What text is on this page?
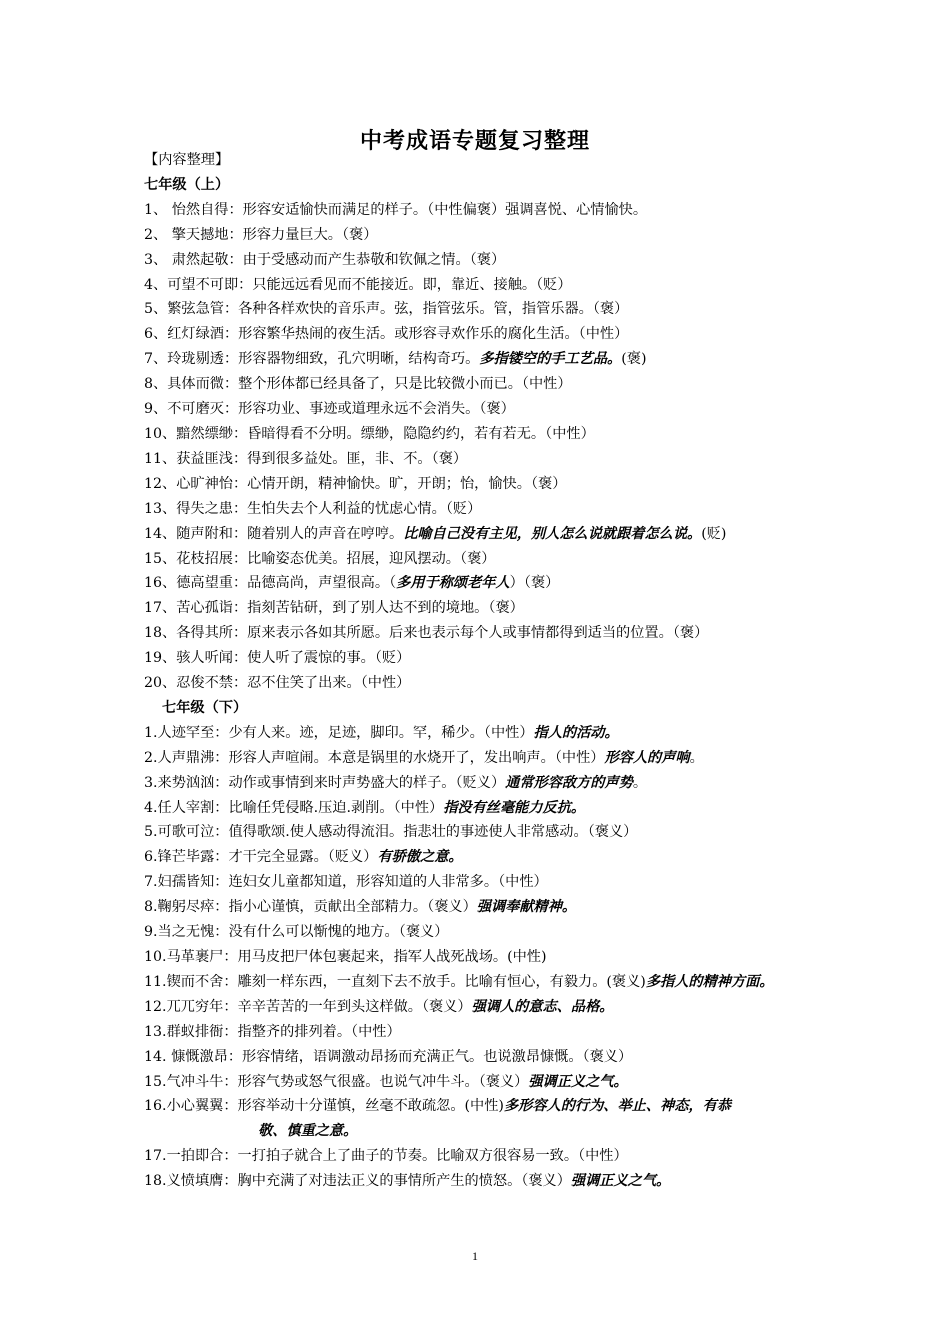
中考成语专题复习整理
【内容整理】
七年级（上）
1、 怡然自得：形容安适愉快而满足的样子。（中性偏褒）强调喜悦、心情愉快。
2、 擎天撼地：形容力量巨大。（褒）
3、 肃然起敬：由于受感动而产生恭敬和钦佩之情。（褒）
4、可望不可即：只能远远看见而不能接近。即，靠近、接触。（贬）
5、繁弦急管：各种各样欢快的音乐声。弦，指管弦乐。管，指管乐器。（褒）
6、红灯绿酒：形容繁华热闹的夜生活。或形容寻欢作乐的腐化生活。（中性）
7、玲珑剔透：形容器物细致，孔穴明晰，结构奇巧。多指镂空的手工艺品。(褒)
8、具体而微：整个形体都已经具备了，只是比较微小而已。（中性）
9、不可磨灭：形容功业、事迹或道理永远不会消失。（褒）
10、黯然缥缈：昏暗得看不分明。缥缈，隐隐约约，若有若无。（中性）
11、获益匪浅：得到很多益处。匪，非、不。（褒）
12、心旷神怡：心情开朗，精神愉快。旷，开朗；怡，愉快。（褒）
13、得失之患：生怕失去个人利益的忧虑心情。（贬）
14、随声附和：随着别人的声音在哼哼。比喻自己没有主见，别人怎么说就跟着怎么说。(贬)
15、花枝招展：比喻姿态优美。招展，迎风摆动。（褒）
16、德高望重：品德高尚，声望很高。（多用于称颂老年人）（褒）
17、苦心孤诣：指刻苦钻研，到了别人达不到的境地。（褒）
18、各得其所：原来表示各如其所愿。后来也表示每个人或事情都得到适当的位置。（褒）
19、骇人听闻：使人听了震惊的事。（贬）
20、忍俊不禁：忍不住笑了出来。（中性）
七年级（下）
1.人迹罕至：少有人来。迹，足迹，脚印。罕，稀少。（中性）指人的活动。
2.人声鼎沸：形容人声喧闹。本意是锅里的水烧开了，发出响声。（中性）形容人的声响。
3.来势汹汹：动作或事情到来时声势盛大的样子。（贬义）通常形容敌方的声势。
4.任人宰割：比喻任凭侵略.压迫.剥削。（中性）指没有丝毫能力反抗。
5.可歌可泣：值得歌颂.使人感动得流泪。指悲壮的事迹使人非常感动。（褒义）
6.锋芒毕露：才干完全显露。（贬义）有骄傲之意。
7.妇孺皆知：连妇女儿童都知道，形容知道的人非常多。（中性）
8.鞠躬尽瘁：指小心谨慎，贡献出全部精力。（褒义）强调奉献精神。
9.当之无愧：没有什么可以惭愧的地方。（褒义）
10.马革裹尸：用马皮把尸体包裹起来，指军人战死战场。(中性)
11.锲而不舍：雕刻一样东西，一直刻下去不放手。比喻有恒心，有毅力。(褒义)多指人的精神方面。
12.兀兀穷年：辛辛苦苦的一年到头这样做。（褒义）强调人的意志、品格。
13.群蚁排衙：指整齐的排列着。（中性）
14. 慷慨激昂：形容情绪，语调激动昂扬而充满正气。也说激昂慷慨。（褒义）
15.气冲斗牛：形容气势或怒气很盛。也说气冲牛斗。（褒义）强调正义之气。
16.小心翼翼：形容举动十分谨慎，丝毫不敢疏忽。(中性)多形容人的行为、举止、神态，有恭
敬、慎重之意。
17.一拍即合：一打拍子就合上了曲子的节奏。比喻双方很容易一致。（中性）
18.义愤填膺：胸中充满了对违法正义的事情所产生的愤怒。（褒义）强调正义之气。
1
